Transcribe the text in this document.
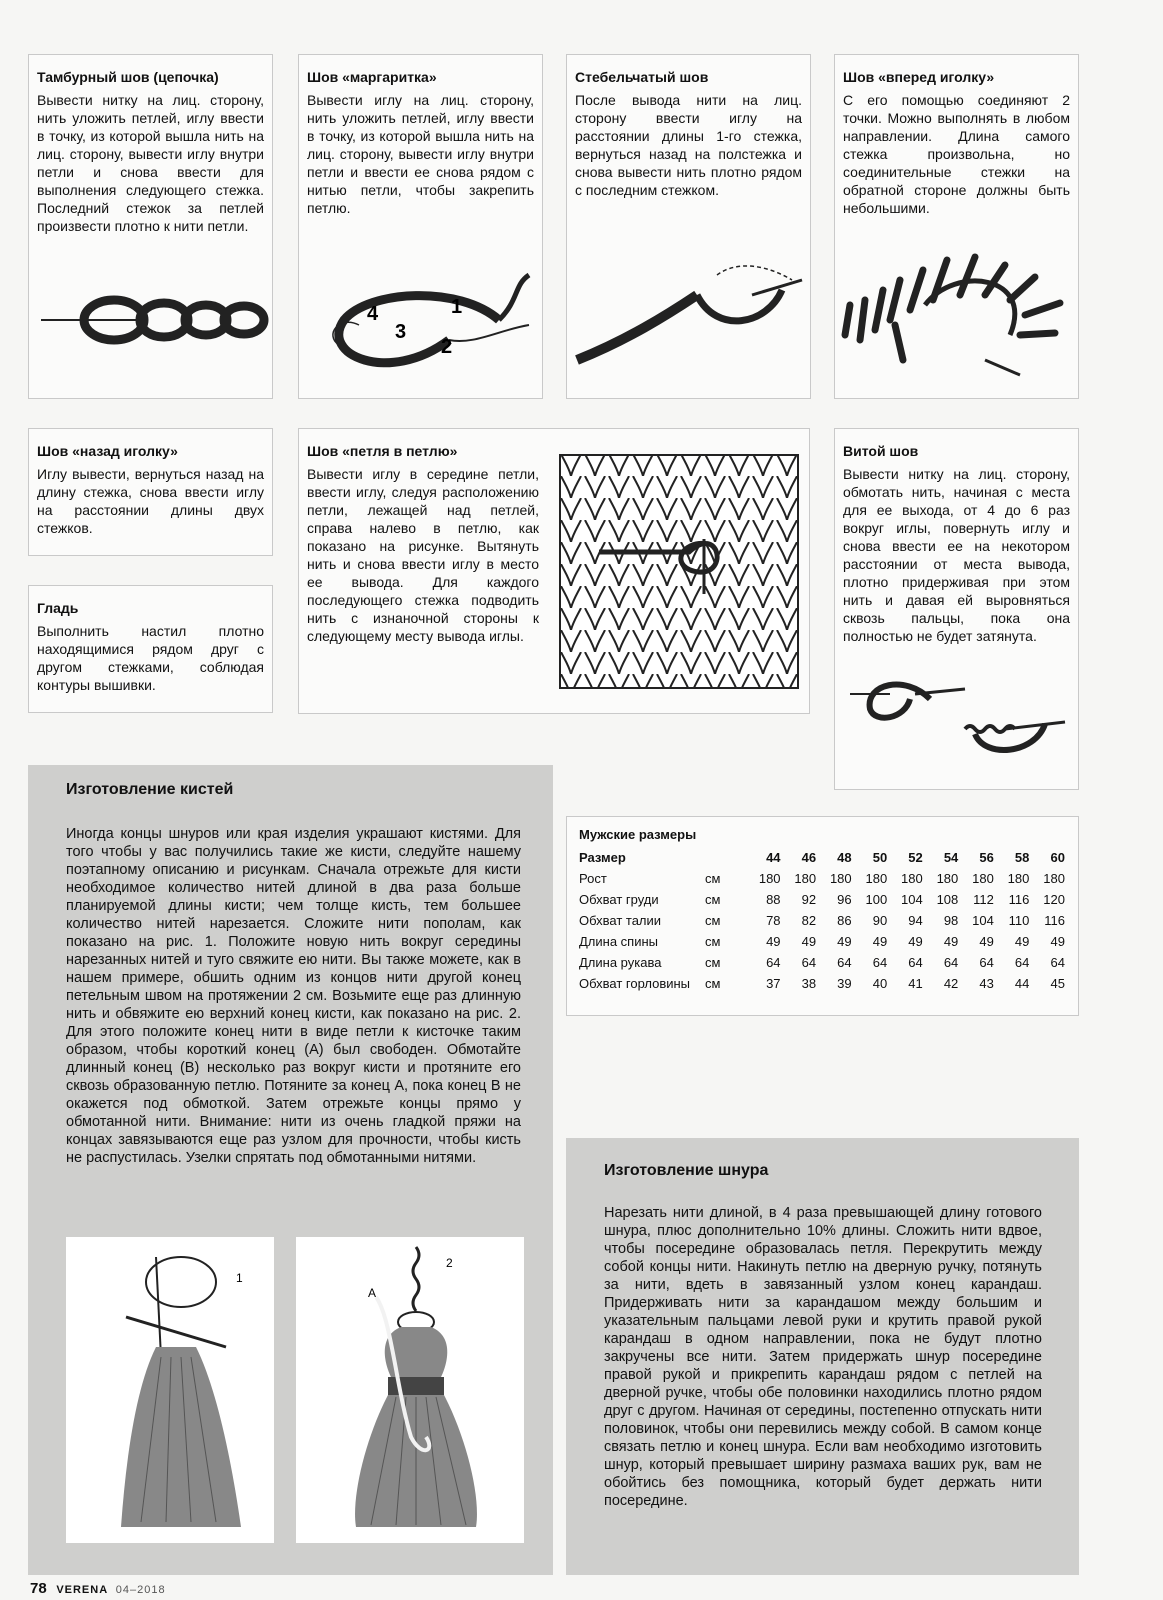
Тамбурный шов (цепочка)

Вывести нитку на лиц. сторону, нить уложить петлей, иглу ввести в точку, из которой вышла нить на лиц. сторону, вывести иглу внутри петли и снова ввести для выполнения следующего стежка. Последний стежок за петлей произвести плотно к нити петли.

Шов «маргаритка»

Вывести иглу на лиц. сторону, нить уложить петлей, иглу ввести в точку, из которой вышла нить на лиц. сторону, вывести иглу внутри петли и ввести ее снова рядом с нитью петли, чтобы закрепить петлю.

4
3
2
1
Стебельчатый шов

После вывода нити на лиц. сторону ввести иглу на расстоянии длины 1-го стежка, вернуться назад на полстежка и снова вывести нить плотно рядом с последним стежком.

Шов «вперед иголку»

С его помощью соединяют 2 точки. Можно выполнять в любом направлении. Длина самого стежка произвольна, но соединительные стежки на обратной стороне должны быть небольшими.

Шов «назад иголку»

Иглу вывести, вернуться назад на длину стежка, снова ввести иглу на расстоянии длины двух стежков.

Гладь

Выполнить настил плотно находящимися рядом друг с другом стежками, соблюдая контуры вышивки.

Шов «петля в петлю»

Вывести иглу в середине петли, ввести иглу, следуя расположению петли, лежащей над петлей, справа налево в петлю, как показано на рисунке. Вытянуть нить и снова ввести иглу в место ее вывода. Для каждого последующего стежка подводить нить с изнаночной стороны к следующему месту вывода иглы.

Витой шов

Вывести нитку на лиц. сторону, обмотать нить, начиная с места для ее выхода, от 4 до 6 раз вокруг иглы, повернуть иглу и снова ввести ее на некотором расстоянии от места вывода, плотно придерживая при этом нить и давая ей выровняться сквозь пальцы, пока она полностью не будет затянута.

Изготовление кистей

Иногда концы шнуров или края изделия украшают кистями. Для того чтобы у вас получились такие же кисти, следуйте нашему поэтапному описанию и рисункам. Сначала отрежьте для кисти необходимое количество нитей длиной в два раза больше планируемой длины кисти; чем толще кисть, тем большее количество нитей нарезается. Сложите нити пополам, как показано на рис. 1. Положите новую нить вокруг середины нарезанных нитей и туго свяжите ею нити. Вы также можете, как в нашем примере, обшить одним из концов нити другой конец петельным швом на протяжении 2 см. Возьмите еще раз длинную нить и обвяжите ею верхний конец кисти, как показано на рис. 2. Для этого положите конец нити в виде петли к кисточке таким образом, чтобы короткий конец (А) был свободен. Обмотайте длинный конец (В) несколько раз вокруг кисти и протяните его сквозь образованную петлю. Потяните за конец А, пока конец В не окажется под обмоткой. Затем отрежьте концы прямо у обмотанной нити. Внимание: нити из очень гладкой пряжи на концах завязываются еще раз узлом для прочности, чтобы кисть не распустилась. Узелки спрятать под обмотанными нитями.

1
A
2
Мужские размеры
Размер		44	46	48	50	52	54	56	58	60
Рост	см	180	180	180	180	180	180	180	180	180
Обхват груди	см	88	92	96	100	104	108	112	116	120
Обхват талии	см	78	82	86	90	94	98	104	110	116
Длина спины	см	49	49	49	49	49	49	49	49	49
Длина рукава	см	64	64	64	64	64	64	64	64	64
Обхват горловины	см	37	38	39	40	41	42	43	44	45
Изготовление шнура

Нарезать нити длиной, в 4 раза превышающей длину готового шнура, плюс дополнительно 10% длины. Сложить нити вдвое, чтобы посередине образовалась петля. Перекрутить между собой концы нити. Накинуть петлю на дверную ручку, потянуть за нити, вдеть в завязанный узлом конец карандаш. Придерживать нити за карандашом между большим и указательным пальцами левой руки и крутить правой рукой карандаш в одном направлении, пока не будут плотно закручены все нити. Затем придержать шнур посередине правой рукой и прикрепить карандаш рядом с петлей на дверной ручке, чтобы обе половинки находились плотно рядом друг с другом. Начиная от середины, постепенно отпускать нити половинок, чтобы они перевились между собой. В самом конце связать петлю и конец шнура. Если вам необходимо изготовить шнур, который превышает ширину размаха ваших рук, вам не обойтись без помощника, который будет держать нити посередине.

78 VERENA 04–2018
